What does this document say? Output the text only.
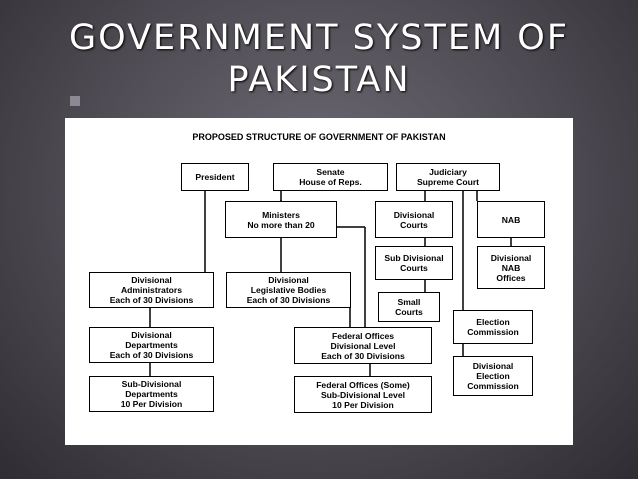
GOVERNMENT SYSTEM OF
PAKISTAN
PROPOSED STRUCTURE OF GOVERNMENT OF PAKISTAN
President	Senate
House of Reps.
Judiciary
Supreme Court
Ministers
No more than 20
Divisional
Courts	NAB
Sub Divisional
Courts
Divisional
NAB
Offices
Divisional
Administrators
Each of 30 Divisions
Divisional
Legislative Bodies
Each of 30 Divisions	Small
Courts
Election
Commission
Divisional
Departments
Each of 30 Divisions
Federal Offices
Divisional Level
Each of 30 Divisions
Divisional
Election
Commission
Sub-Divisional
Departments
10 Per Division
Federal Offices (Some)
Sub-Divisional Level
10 Per Division
